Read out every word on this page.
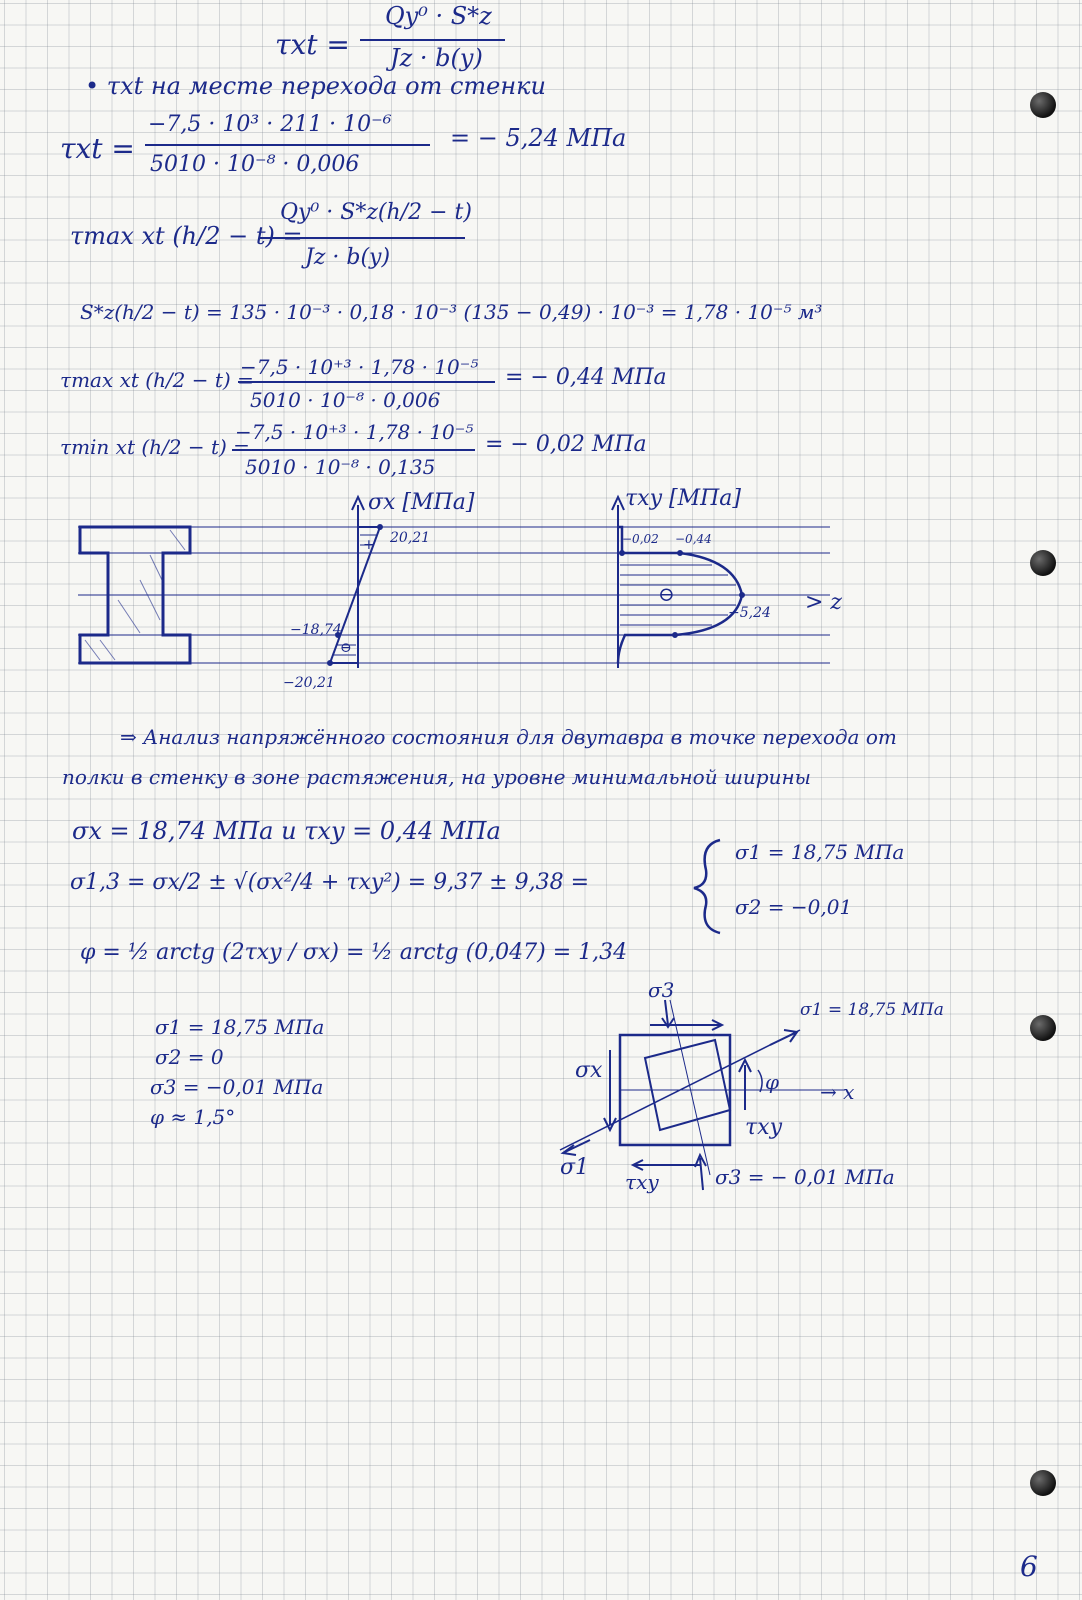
τxt =
Qy⁰ · S*z
Jz · b(y)
• τxt на месте перехода от стенки
τxt =
−7,5 · 10³ · 211 · 10⁻⁶
5010 · 10⁻⁸ · 0,006
= − 5,24 МПа
τmax xt (h/2 − t) =
Qy⁰ · S*z(h/2 − t)
Jz · b(y)
S*z(h/2 − t) = 135 · 10⁻³ · 0,18 · 10⁻³ (135 − 0,49) · 10⁻³ = 1,78 · 10⁻⁵ м³
τmax xt (h/2 − t) =
−7,5 · 10⁺³ · 1,78 · 10⁻⁵
5010 · 10⁻⁸ · 0,006
= − 0,44 МПа
τmin xt (h/2 − t) =
−7,5 · 10⁺³ · 1,78 · 10⁻⁵
5010 · 10⁻⁸ · 0,135
= − 0,02 МПа
σx [МПа]	τxy [МПа]
20,21
−18,74
−20,21
+
⊖
−0,02 −0,44
−5,24
⊖	> z
⇒ Анализ напряжённого состояния для двутавра в точке перехода от
полки в стенку в зоне растяжения, на уровне минимальной ширины
σx = 18,74 МПа и τxy = 0,44 МПа
σ1,3 = σx/2 ± √(σx²/4 + τxy²) = 9,37 ± 9,38 =
σ1 = 18,75 МПа
σ2 = −0,01
φ = ½ arctg (2τxy / σx) = ½ arctg (0,047) = 1,34
σ1 = 18,75 МПа
σ2 = 0
σ3 = −0,01 МПа
φ ≈ 1,5°
σ3
σ1 = 18,75 МПа
σx	φ → x
τxy
σ1
τxy	σ3 = − 0,01 МПа
6
